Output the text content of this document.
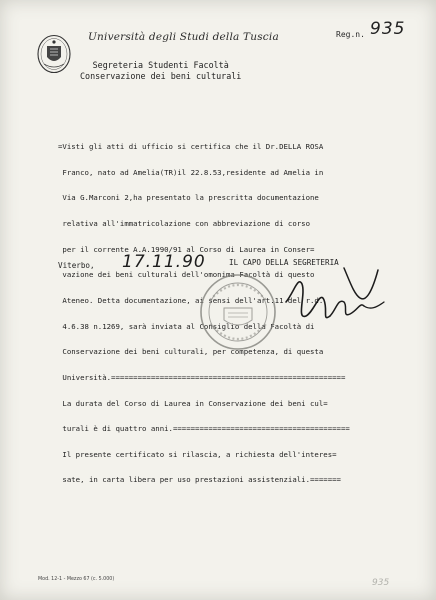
Università degli Studi della Tuscia	Reg.n. 935
Segreteria Studenti Facoltà
Conservazione dei beni culturali

=Visti gli atti di ufficio si certifica che il Dr.DELLA ROSA

Franco, nato ad Amelia(TR)il 22.8.53,residente ad Amelia in

Via G.Marconi 2,ha presentato la prescritta documentazione

relativa all'immatricolazione con abbreviazione di corso

per il corrente A.A.1990/91 al Corso di Laurea in Conser=

vazione dei beni culturali dell'omonima Facoltà di questo

Ateneo. Detta documentazione, ai sensi dell'art.11 del r.d.

4.6.38 n.1269, sarà inviata al Consiglio della Facoltà di

Conservazione dei beni culturali, per competenza, di questa

Università.=====================================================

La durata del Corso di Laurea in Conservazione dei beni cul=

turali è di quattro anni.========================================

Il presente certificato si rilascia, a richiesta dell'interes=

sate, in carta libera per uso prestazioni assistenziali.=======

Viterbo, 17.11.90	IL CAPO DELLA SEGRETERIA
Mod. 12-1 - Mezzo 67 (c. 5.000)	935
